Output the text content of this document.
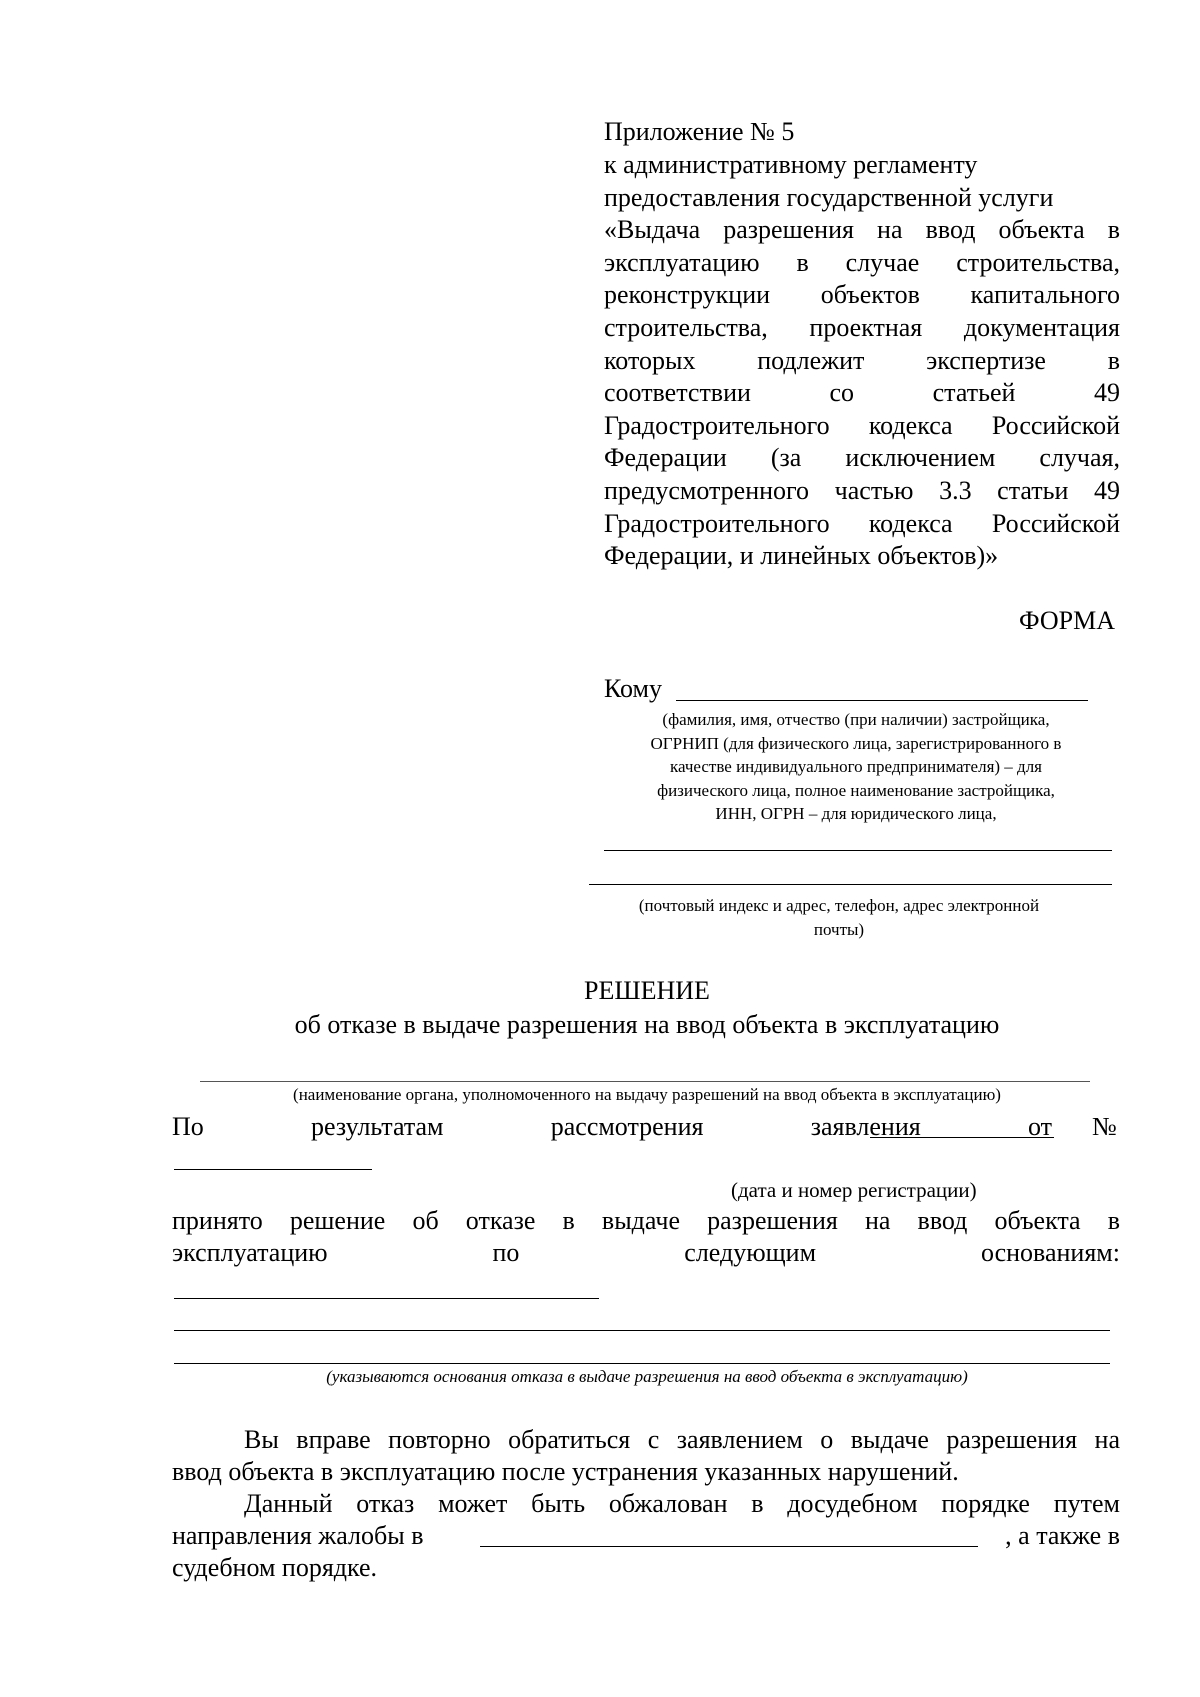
Приложение № 5
к административному регламенту
предоставления государственной услуги
«Выдача разрешения на ввод объекта в
эксплуатацию в случае строительства,
реконструкции объектов капитального
строительства, проектная документация
которых подлежит экспертизе в
соответствии со статьей 49
Градостроительного кодекса Российской
Федерации (за исключением случая,
предусмотренного частью 3.3 статьи 49
Градостроительного кодекса Российской
Федерации, и линейных объектов)»
ФОРМА
Кому
(фамилия, имя, отчество (при наличии) застройщика,
ОГРНИП (для физического лица, зарегистрированного в
качестве индивидуального предпринимателя) – для
физического лица, полное наименование застройщика,
ИНН, ОГРН – для юридического лица,
(почтовый индекс и адрес, телефон, адрес электронной
почты)
РЕШЕНИЕ
об отказе в выдаче разрешения на ввод объекта в эксплуатацию
(наименование органа, уполномоченного на выдачу разрешений на ввод объекта в эксплуатацию)
По	результатам	рассмотрения	заявления	от №
(дата и номер регистрации)
принято решение об отказе в выдаче разрешения на ввод объекта в
эксплуатацию	по	следующим	основаниям:
(указываются основания отказа в выдаче разрешения на ввод объекта в эксплуатацию)
Вы вправе повторно обратиться с заявлением о выдаче разрешения на
ввод объекта в эксплуатацию после устранения указанных нарушений.
Данный отказ может быть обжалован в досудебном порядке путем
направления жалобы в	, а также в
судебном порядке.
